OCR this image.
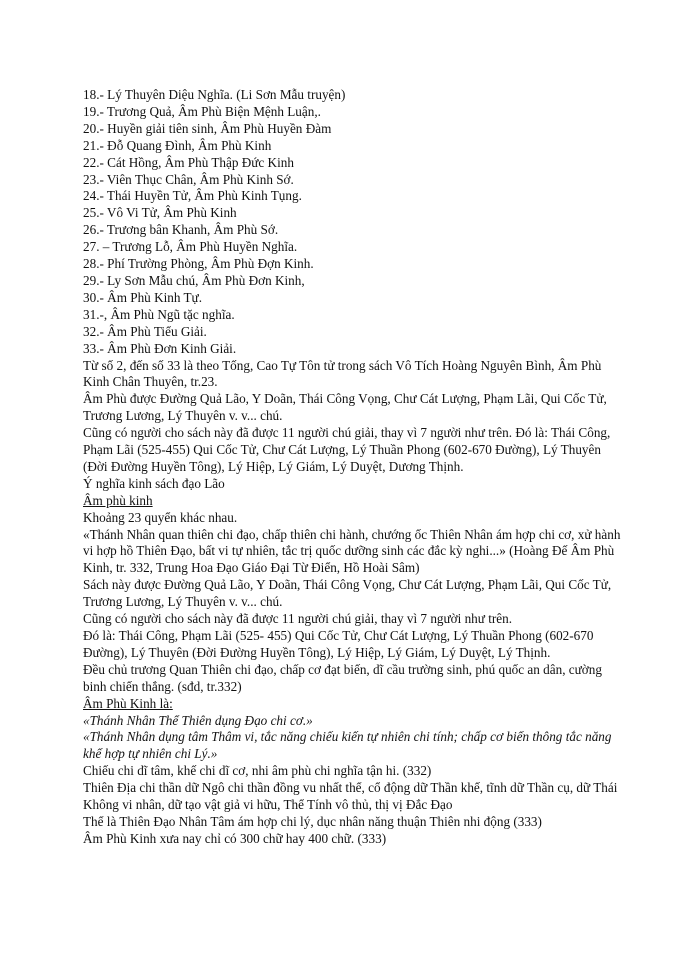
18.- Lý Thuyên Diệu Nghĩa. (Li Sơn Mẫu truyện)
19.- Trương Quả, Âm Phù Biện Mệnh Luận,.
20.- Huyền giải tiên sinh, Âm Phù Huyền Đàm
21.- Đỗ Quang Đình, Âm Phù Kinh
22.- Cát Hồng, Âm Phù Thập Đức Kinh
23.- Viên Thục Chân, Âm Phù Kinh Sớ.
24.- Thái Huyền Tử, Âm Phù Kinh Tụng.
25.- Vô Vi Tử, Âm Phù Kinh
26.- Trương bân Khanh, Âm Phù Sớ.
27. – Trương Lỗ, Âm Phù Huyền Nghĩa.
28.- Phí Trường Phòng, Âm Phù Đợn Kinh.
29.- Ly Sơn Mẫu chú, Âm Phù Đơn Kinh,
30.- Âm Phù Kinh Tự.
31.-, Âm Phù Ngũ tặc nghĩa.
32.- Âm Phù Tiểu Giải.
33.- Âm Phù Đơn Kinh Giải.
Từ số 2, đến số 33 là theo Tống, Cao Tự Tôn tử trong sách Vô Tích Hoàng Nguyên Bình, Âm Phù Kinh Chân Thuyên, tr.23.
Âm Phù được Đường Quả Lão, Y Doãn, Thái Công Vọng, Chư Cát Lượng, Phạm Lãi, Qui Cốc Tử, Trương Lương, Lý Thuyên v. v... chú.
Cũng có người cho sách này đã được 11 người chú giải, thay vì 7 người như trên. Đó là: Thái Công, Phạm Lãi (525-455) Qui Cốc Tử, Chư Cát Lượng, Lý Thuần Phong (602-670 Đường), Lý Thuyên (Đời Đường Huyền Tông), Lý Hiệp, Lý Giám, Lý Duyệt, Dương Thịnh.
Ý nghĩa kinh sách đạo Lão
Âm phù kinh
Khoảng 23 quyển khác nhau.
«Thánh Nhân quan thiên chi đạo, chấp thiên chi hành, chướng ốc Thiên Nhân ám hợp chi cơ, xử hành vi hợp hồ Thiên Đạo, bất vi tự nhiên, tắc trị quốc dưỡng sinh các đắc kỳ nghi...» (Hoàng Đế Âm Phù Kinh, tr. 332, Trung Hoa Đạo Giáo Đại Từ Điển, Hồ Hoài Sâm)
Sách này được Đường Quả Lão, Y Doãn, Thái Công Vọng, Chư Cát Lượng, Phạm Lãi, Qui Cốc Tử, Trương Lương, Lý Thuyên v. v... chú.
Cũng có người cho sách này đã được 11 người chú giải, thay vì 7 người như trên.
Đó là: Thái Công, Phạm Lãi (525- 455) Qui Cốc Tử, Chư Cát Lượng, Lý Thuần Phong (602-670 Đường), Lý Thuyên (Đời Đường Huyền Tông), Lý Hiệp, Lý Giám, Lý Duyệt, Lý Thịnh.
Đều chủ trương Quan Thiên chi đạo, chấp cơ đạt biến, dĩ cầu trường sinh, phú quốc an dân, cường binh chiến thắng. (sđd, tr.332)
Âm Phù Kinh là:
«Thánh Nhân Thể Thiên dụng Đạo chi cơ.»
«Thánh Nhân dụng tâm Thâm vi, tắc năng chiếu kiến tự nhiên chi tính; chấp cơ biến thông tắc năng khế hợp tự nhiên chi Lý.»
Chiếu chi dĩ tâm, khế chi dĩ cơ, nhi âm phù chi nghĩa tận hi. (332)
Thiên Địa chi thần dữ Ngô chi thần đồng vu nhất thể, cổ động dữ Thần khế, tĩnh dữ Thần cụ, dữ Thái Không vi nhân, dữ tạo vật giả vi hữu, Thể Tính vô thủ, thị vị Đắc Đạo
Thể là Thiên Đạo Nhân Tâm ám hợp chi lý, dục nhân năng thuận Thiên nhi động (333)
Âm Phù Kinh xưa nay chỉ có 300 chữ hay 400 chữ. (333)
